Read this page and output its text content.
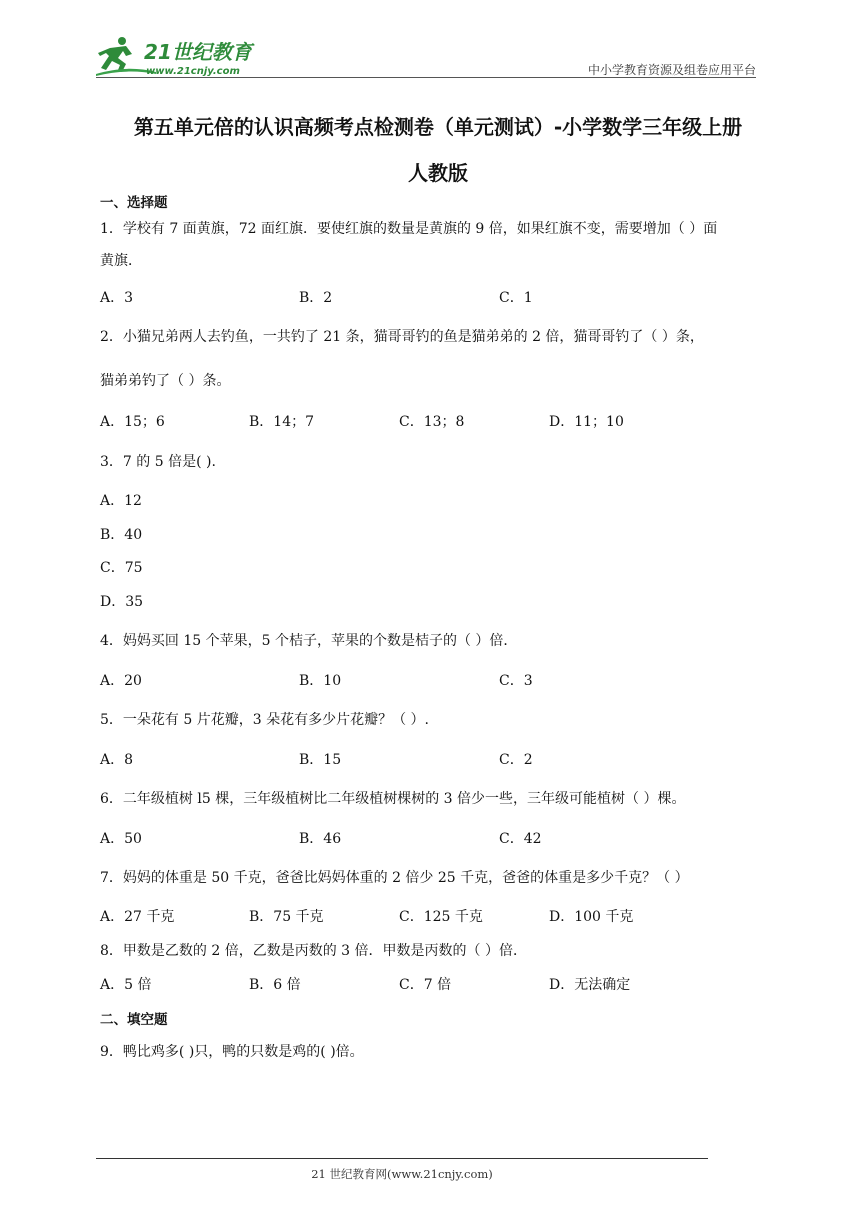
21世纪教育
www.21cnjy.com	中小学教育资源及组卷应用平台
第五单元倍的认识高频考点检测卷（单元测试）-小学数学三年级上册
人教版
一、选择题
1．学校有 7 面黄旗，72 面红旗．要使红旗的数量是黄旗的 9 倍，如果红旗不变，需要增加（ ）面
黄旗．
A．3	B．2	C．1
2．小猫兄弟两人去钓鱼，一共钓了 21 条，猫哥哥钓的鱼是猫弟弟的 2 倍，猫哥哥钓了（ ）条，
猫弟弟钓了（ ）条。
A．15；6	B．14；7	C．13；8	D．11；10
3．7 的 5 倍是( ).
A．12
B．40
C．75
D．35
4．妈妈买回 15 个苹果，5 个桔子，苹果的个数是桔子的（ ）倍．
A．20	B．10	C．3
5．一朵花有 5 片花瓣，3 朵花有多少片花瓣？（ ）.
A．8	B．15	C．2
6．二年级植树 l5 棵，三年级植树比二年级植树棵树的 3 倍少一些，三年级可能植树（ ）棵。
A．50	B．46	C．42
7．妈妈的体重是 50 千克，爸爸比妈妈体重的 2 倍少 25 千克，爸爸的体重是多少千克？（ ）
A．27 千克	B．75 千克	C．125 千克	D．100 千克
8．甲数是乙数的 2 倍，乙数是丙数的 3 倍．甲数是丙数的（ ）倍．
A．5 倍	B．6 倍	C．7 倍	D．无法确定
二、填空题
9．鸭比鸡多( )只，鸭的只数是鸡的( )倍。
21 世纪教育网(www.21cnjy.com)
